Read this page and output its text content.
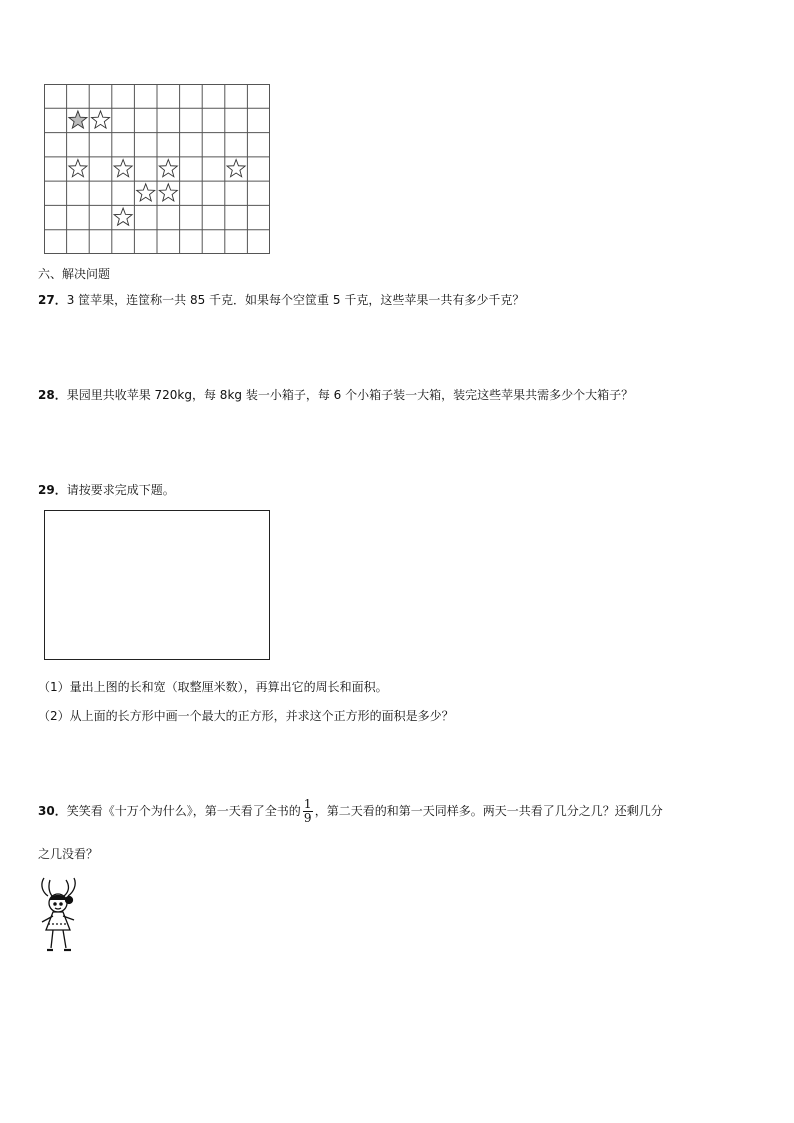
六、解决问题
27．3 筐苹果，连筐称一共 85 千克．如果每个空筐重 5 千克，这些苹果一共有多少千克？
28．果园里共收苹果 720kg，每 8kg 装一小箱子，每 6 个小箱子装一大箱，装完这些苹果共需多少个大箱子？
29．请按要求完成下题。
（1）量出上图的长和宽（取整厘米数），再算出它的周长和面积。
（2）从上面的长方形中画一个最大的正方形，并求这个正方形的面积是多少？
30．笑笑看《十万个为什么》，第一天看了全书的 $\frac{1}{9}$ ，第二天看的和第一天同样多。两天一共看了几分之几？还剩几分
之几没看？
